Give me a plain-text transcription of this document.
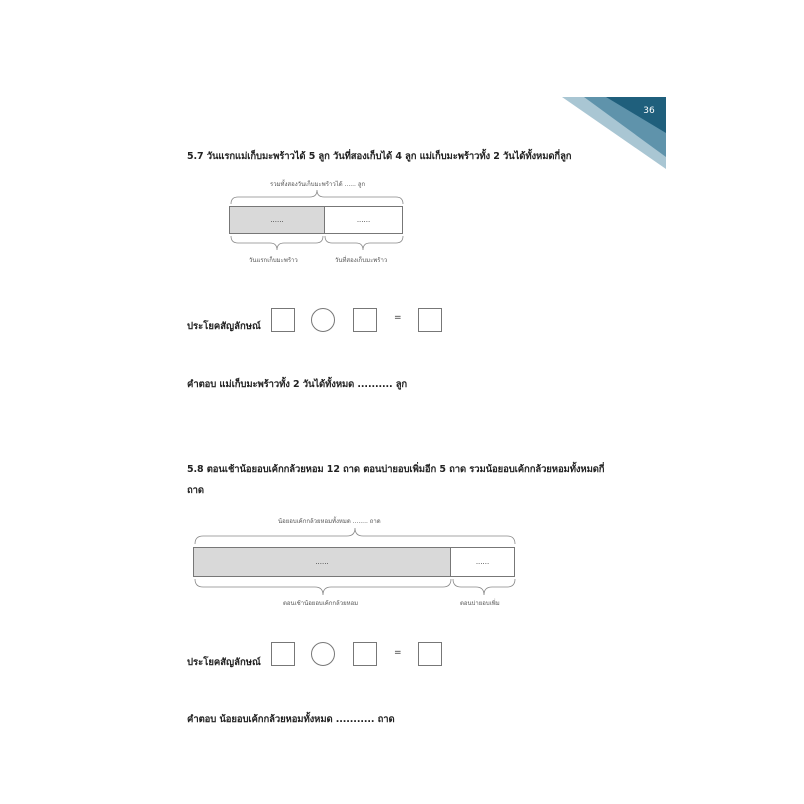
36
5.7 วันแรกแม่เก็บมะพร้าวได้ 5 ลูก วันที่สองเก็บได้ 4 ลูก แม่เก็บมะพร้าวทั้ง 2 วันได้ทั้งหมดกี่ลูก
รวมทั้งสองวันเก็บมะพร้าวได้ ...... ลูก
......	......
วันแรกเก็บมะพร้าว	วันที่สองเก็บมะพร้าว
ประโยคสัญลักษณ์
=
คำตอบ แม่เก็บมะพร้าวทั้ง 2 วันได้ทั้งหมด .......... ลูก
5.8 ตอนเช้าน้อยอบเค้กกล้วยหอม 12 ถาด ตอนบ่ายอบเพิ่มอีก 5 ถาด รวมน้อยอบเค้กกล้วยหอมทั้งหมดกี่
ถาด
น้อยอบเค้กกล้วยหอมทั้งหมด ........ ถาด
......	......
ตอนเช้าน้อยอบเค้กกล้วยหอม	ตอนบ่ายอบเพิ่ม
ประโยคสัญลักษณ์
=
คำตอบ น้อยอบเค้กกล้วยหอมทั้งหมด ........... ถาด
